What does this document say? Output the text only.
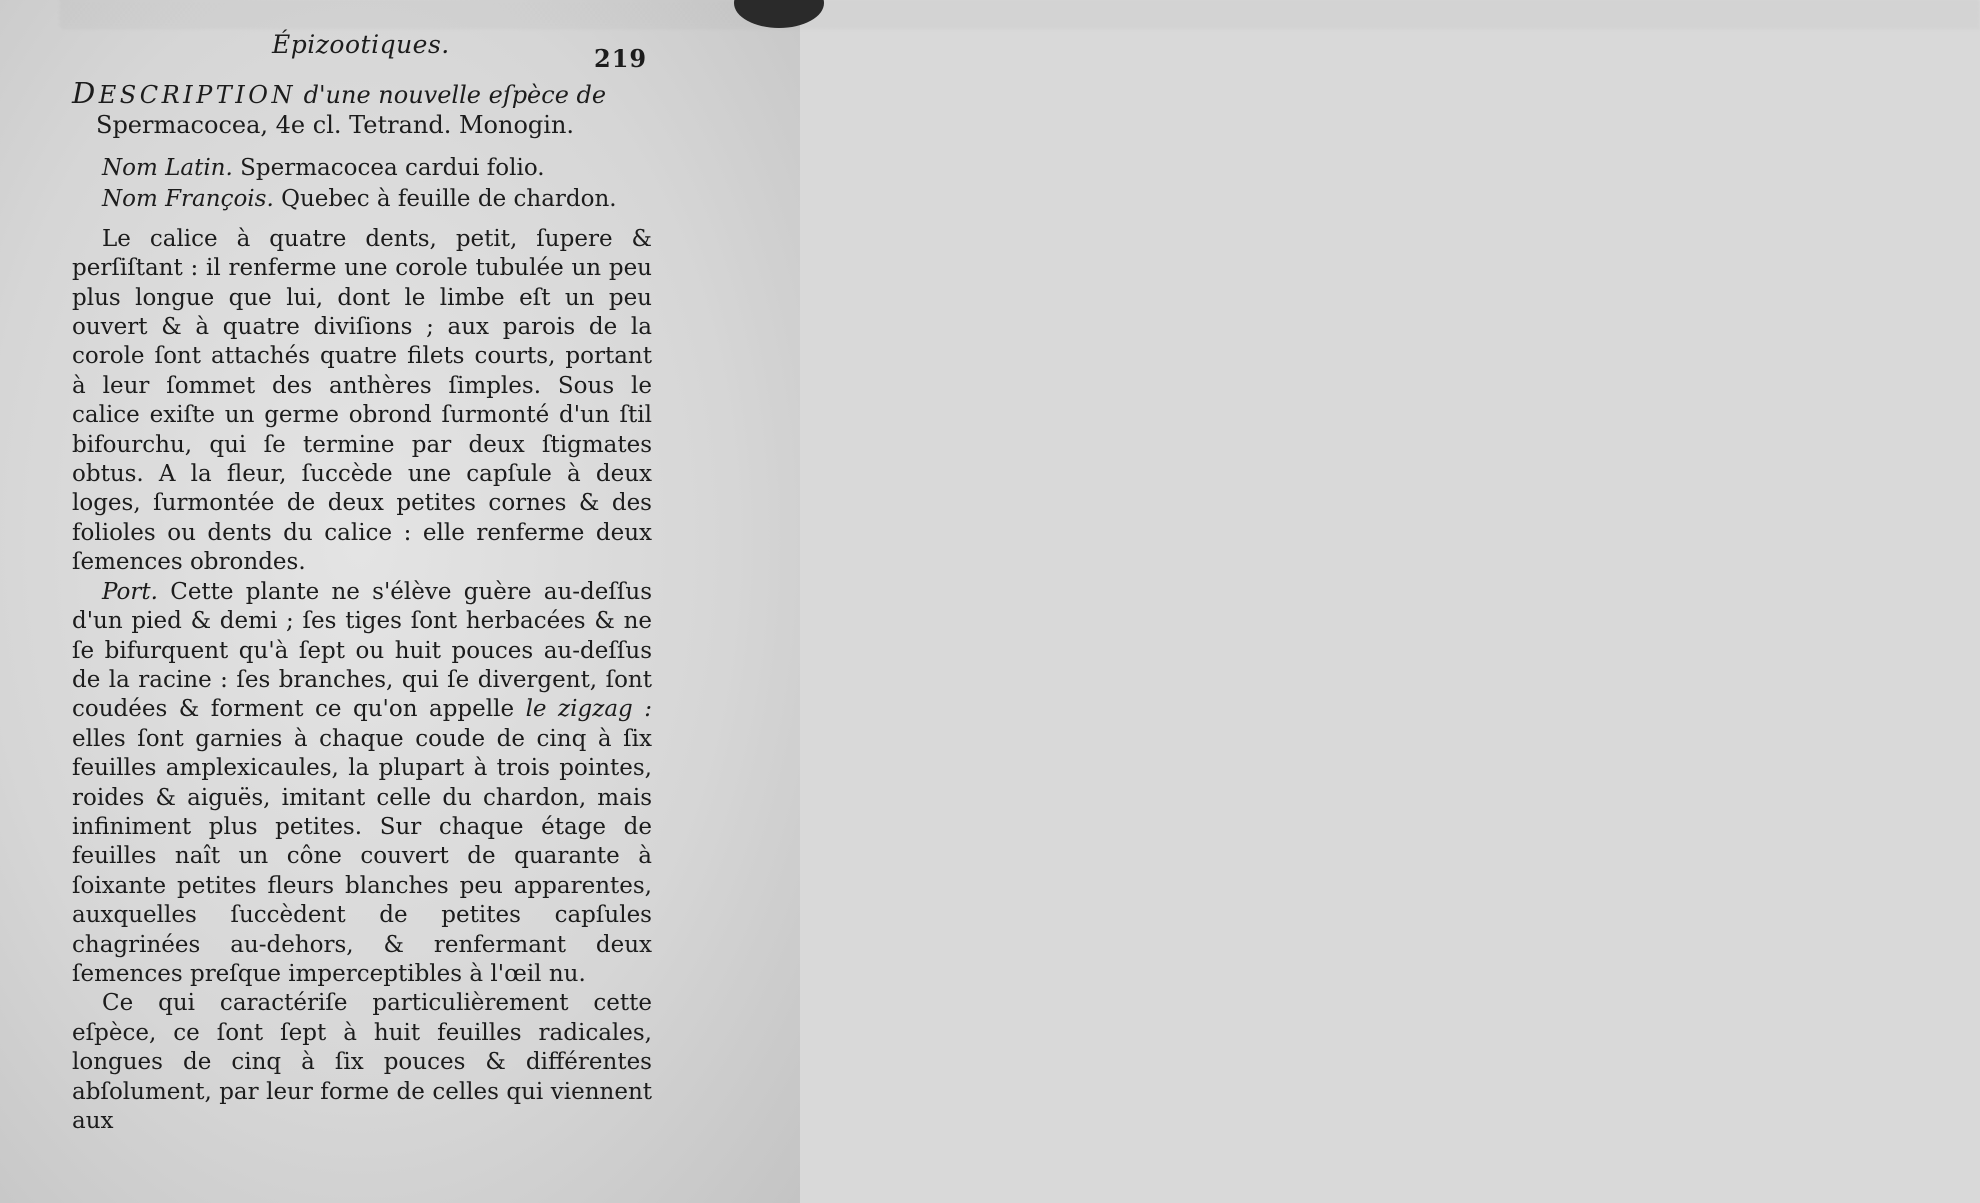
▒▒▒▒▒▒▒▒▒▒▒▒▒▒▒▒▒▒▒▒▒▒▒▒▒▒▒▒▒▒▒▒▒▒▒▒▒▒▒▒▒▒▒▒▒▒▒▒▒▒▒▒▒▒▒▒▒▒▒▒▒▒▒▒▒▒▒▒▒▒▒▒▒▒▒▒▒▒▒▒▒▒▒▒▒▒▒▒▒▒▒▒▒▒▒▒
Épizootiques.	219
DESCRIPTION d'une nouvelle eſpèce de
Spermacocea, 4e cl. Tetrand. Monogin.
Nom Latin. Spermacocea cardui folio.
Nom François. Quebec à feuille de chardon.

Le calice à quatre dents, petit, ſupere & perſiſtant : il renferme une corole tubulée un peu plus longue que lui, dont le limbe eſt un peu ouvert & à quatre diviſions ; aux parois de la corole ſont attachés quatre filets courts, portant à leur ſommet des anthères ſimples. Sous le calice exiſte un germe obrond ſurmonté d'un ſtil bifourchu, qui ſe termine par deux ſtigmates obtus. A la fleur, ſuccède une capſule à deux loges, ſurmontée de deux petites cornes & des folioles ou dents du calice : elle renferme deux ſemences obrondes.

Port. Cette plante ne s'élève guère au-deſſus d'un pied & demi ; ſes tiges ſont herbacées & ne ſe bifurquent qu'à ſept ou huit pouces au-deſſus de la racine : ſes branches, qui ſe divergent, ſont coudées & forment ce qu'on appelle le zigzag : elles ſont garnies à chaque coude de cinq à ſix feuilles amplexicaules, la plupart à trois pointes, roides & aiguës, imitant celle du chardon, mais infiniment plus petites. Sur chaque étage de feuilles naît un cône couvert de quarante à ſoixante petites fleurs blanches peu apparentes, auxquelles ſuccèdent de petites capſules chagrinées au-dehors, & renfermant deux ſemences preſque imperceptibles à l'œil nu.

Ce qui caractériſe particulièrement cette eſpèce, ce ſont ſept à huit feuilles radicales, longues de cinq à ſix pouces & différentes abſolument, par leur forme de celles qui viennent aux
